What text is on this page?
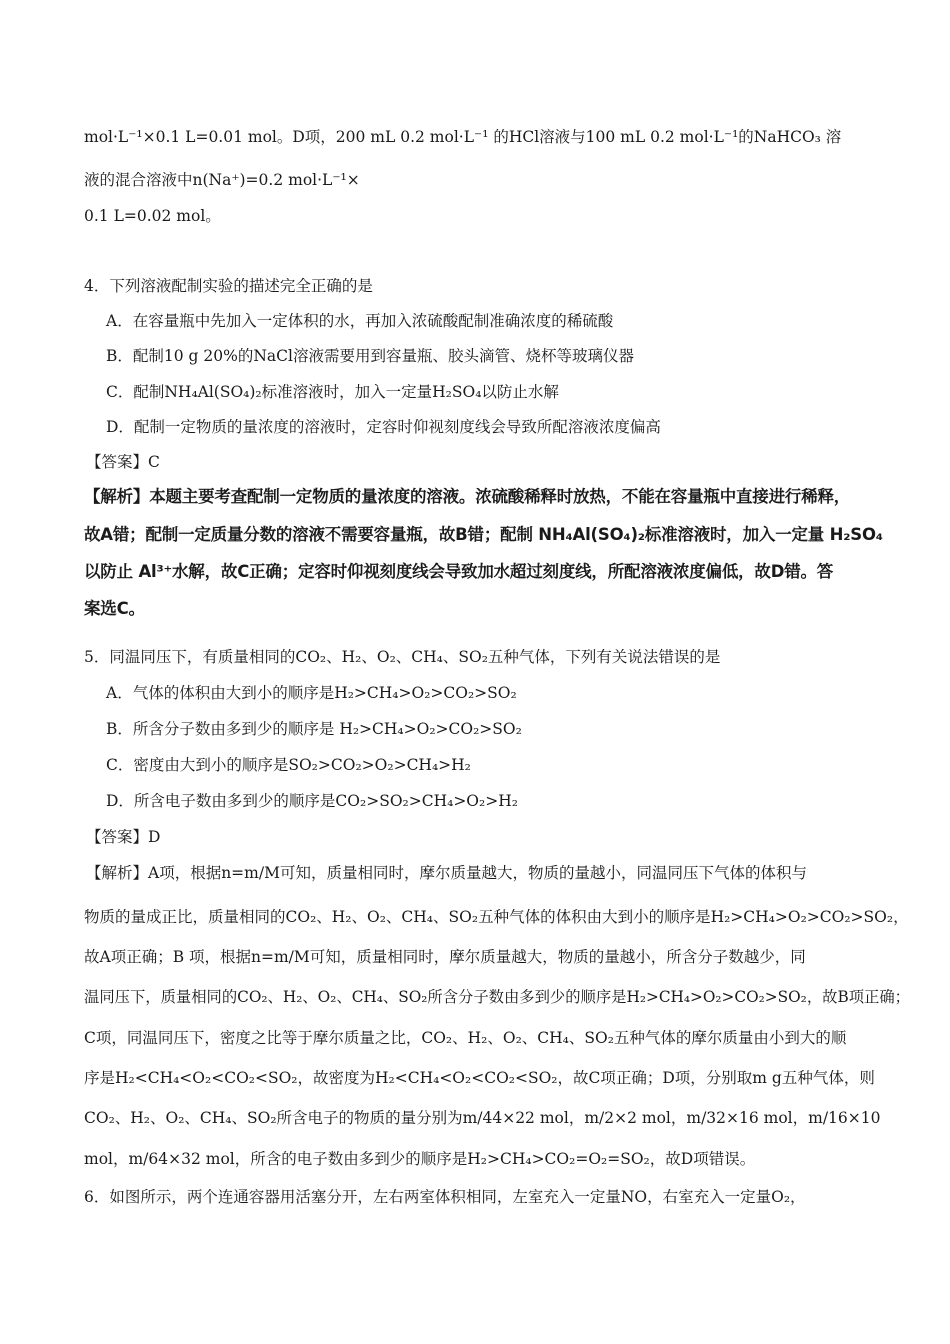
mol·L⁻¹×0.1 L=0.01 mol。D项，200 mL 0.2 mol·L⁻¹ 的HCl溶液与100 mL 0.2 mol·L⁻¹的NaHCO₃ 溶
液的混合溶液中n(Na⁺)=0.2 mol·L⁻¹×
0.1 L=0.02 mol。
4．下列溶液配制实验的描述完全正确的是
A．在容量瓶中先加入一定体积的水，再加入浓硫酸配制准确浓度的稀硫酸
B．配制10 g 20%的NaCl溶液需要用到容量瓶、胶头滴管、烧杯等玻璃仪器
C．配制NH₄Al(SO₄)₂标准溶液时，加入一定量H₂SO₄以防止水解
D．配制一定物质的量浓度的溶液时，定容时仰视刻度线会导致所配溶液浓度偏高
【答案】C
【解析】本题主要考查配制一定物质的量浓度的溶液。浓硫酸稀释时放热，不能在容量瓶中直接进行稀释，
故A错；配制一定质量分数的溶液不需要容量瓶，故B错；配制 NH₄Al(SO₄)₂标准溶液时，加入一定量 H₂SO₄
以防止 Al³⁺水解，故C正确；定容时仰视刻度线会导致加水超过刻度线，所配溶液浓度偏低，故D错。答
案选C。
5．同温同压下，有质量相同的CO₂、H₂、O₂、CH₄、SO₂五种气体，下列有关说法错误的是
A．气体的体积由大到小的顺序是H₂>CH₄>O₂>CO₂>SO₂
B．所含分子数由多到少的顺序是 H₂>CH₄>O₂>CO₂>SO₂
C．密度由大到小的顺序是SO₂>CO₂>O₂>CH₄>H₂
D．所含电子数由多到少的顺序是CO₂>SO₂>CH₄>O₂>H₂
【答案】D
【解析】A项，根据n=m/M可知，质量相同时，摩尔质量越大，物质的量越小，同温同压下气体的体积与
物质的量成正比，质量相同的CO₂、H₂、O₂、CH₄、SO₂五种气体的体积由大到小的顺序是H₂>CH₄>O₂>CO₂>SO₂，
故A项正确；B 项，根据n=m/M可知，质量相同时，摩尔质量越大，物质的量越小，所含分子数越少，同
温同压下，质量相同的CO₂、H₂、O₂、CH₄、SO₂所含分子数由多到少的顺序是H₂>CH₄>O₂>CO₂>SO₂，故B项正确；
C项，同温同压下，密度之比等于摩尔质量之比，CO₂、H₂、O₂、CH₄、SO₂五种气体的摩尔质量由小到大的顺
序是H₂<CH₄<O₂<CO₂<SO₂，故密度为H₂<CH₄<O₂<CO₂<SO₂，故C项正确；D项，分别取m g五种气体，则
CO₂、H₂、O₂、CH₄、SO₂所含电子的物质的量分别为m/44×22 mol，m/2×2 mol，m/32×16 mol，m/16×10
mol，m/64×32 mol，所含的电子数由多到少的顺序是H₂>CH₄>CO₂=O₂=SO₂，故D项错误。
6．如图所示，两个连通容器用活塞分开，左右两室体积相同，左室充入一定量NO，右室充入一定量O₂，
